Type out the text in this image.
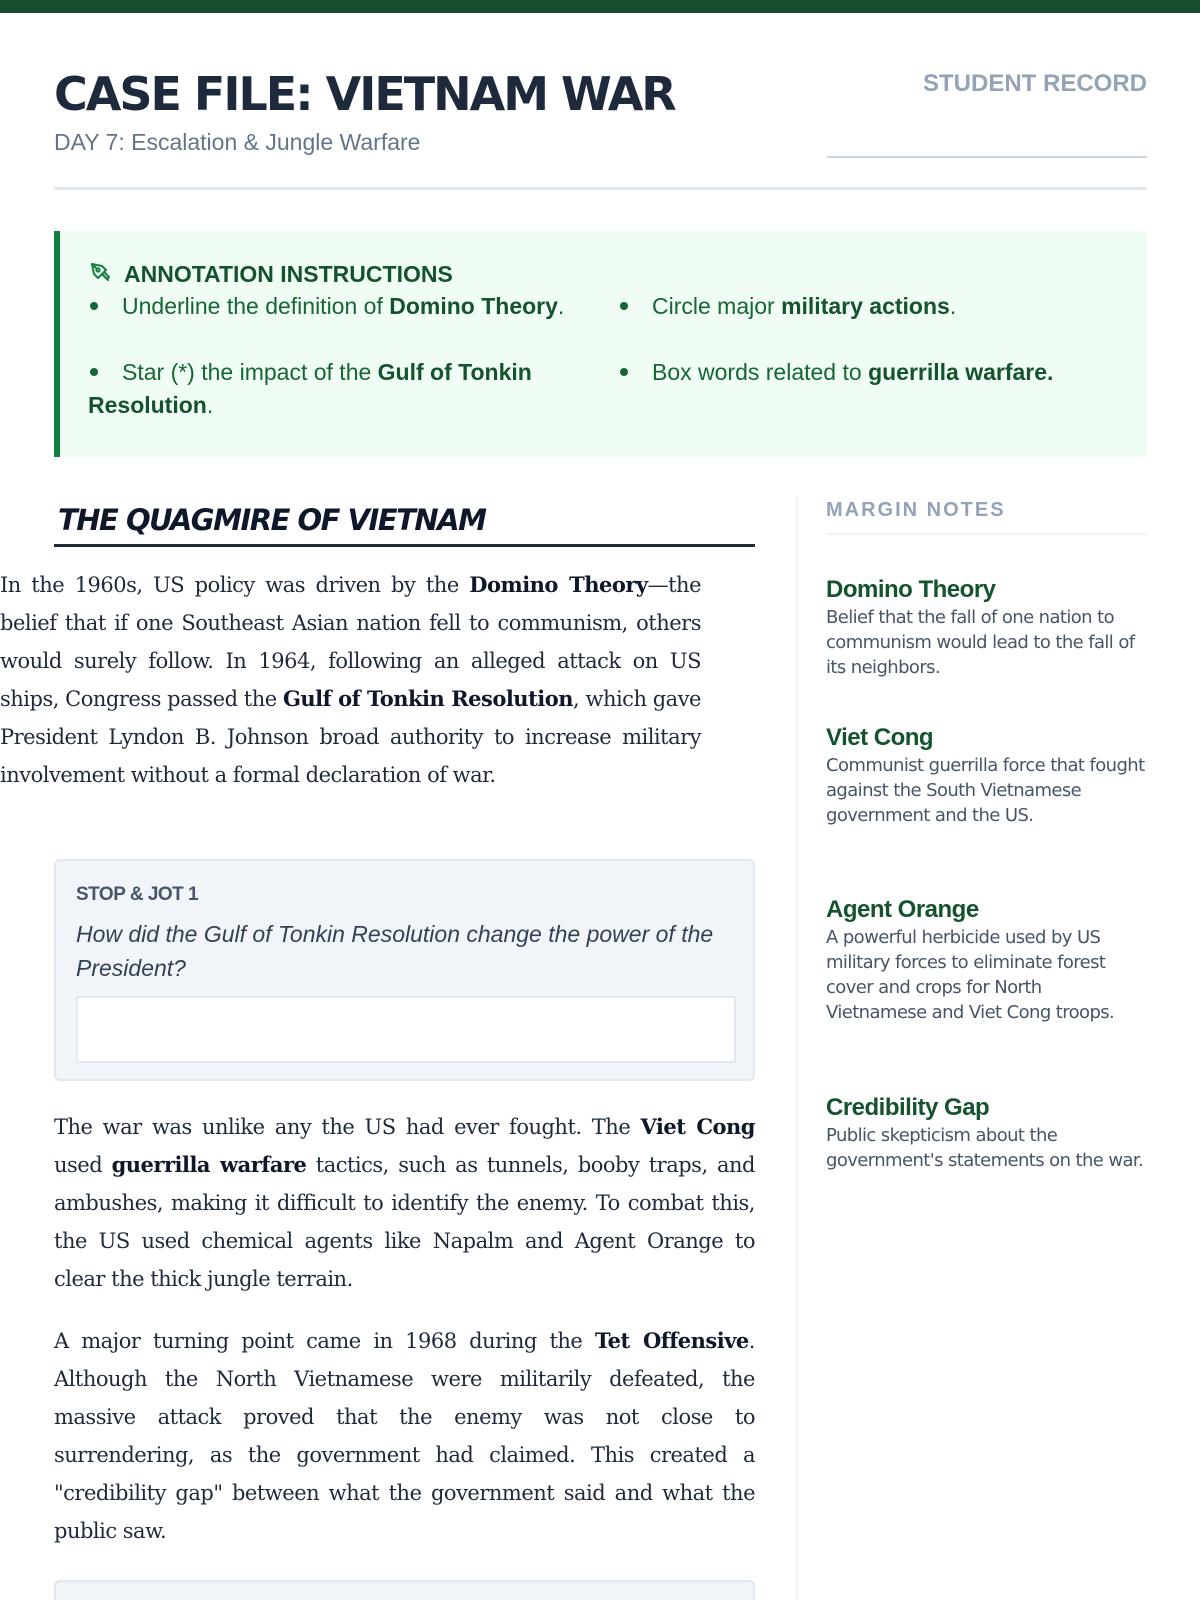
CASE FILE: VIETNAM WAR
DAY 7: Escalation & Jungle Warfare
STUDENT RECORD
ANNOTATION INSTRUCTIONS
Underline the definition of Domino Theory.	Circle major military actions.
Star (*) the impact of the Gulf of Tonkin Resolution.
Box words related to guerrilla warfare.
THE QUAGMIRE OF VIETNAM

In the 1960s, US policy was driven by the Domino Theory—the belief that if one Southeast Asian nation fell to communism, others would surely follow. In 1964, following an alleged attack on US ships, Congress passed the Gulf of Tonkin Resolution, which gave President Lyndon B. Johnson broad authority to increase military involvement without a formal declaration of war.

STOP & JOT 1
How did the Gulf of Tonkin Resolution change the power of the President?

The war was unlike any the US had ever fought. The Viet Cong used guerrilla warfare tactics, such as tunnels, booby traps, and ambushes, making it difficult to identify the enemy. To combat this, the US used chemical agents like Napalm and Agent Orange to clear the thick jungle terrain.

A major turning point came in 1968 during the Tet Offensive. Although the North Vietnamese were militarily defeated, the massive attack proved that the enemy was not close to surrendering, as the government had claimed. This created a "credibility gap" between what the government said and what the public saw.

MARGIN NOTES
Domino Theory
Belief that the fall of one nation to communism would lead to the fall of its neighbors.
Viet Cong
Communist guerrilla force that fought against the South Vietnamese government and the US.
Agent Orange
A powerful herbicide used by US military forces to eliminate forest cover and crops for North Vietnamese and Viet Cong troops.
Credibility Gap
Public skepticism about the government's statements on the war.
